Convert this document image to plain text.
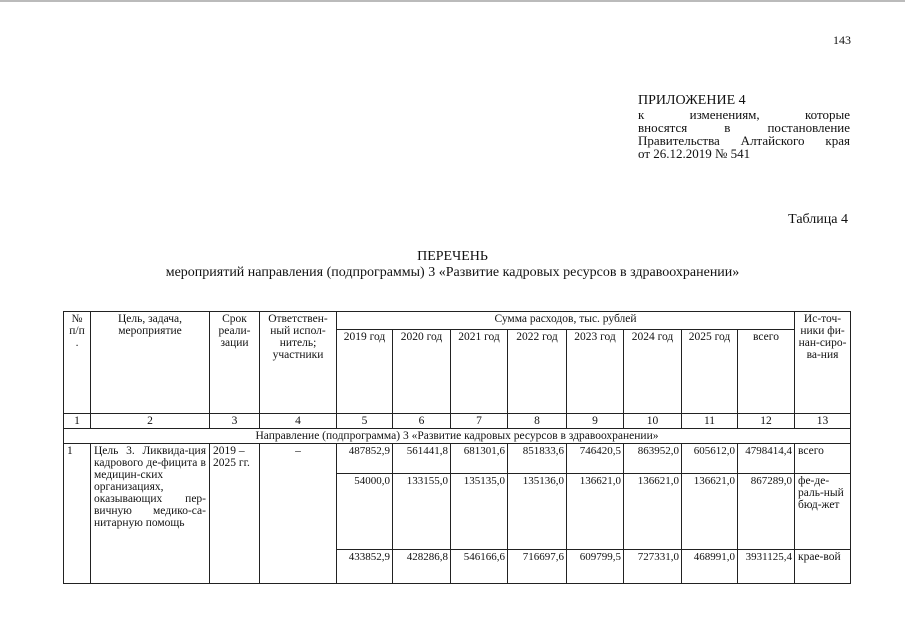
143
ПРИЛОЖЕНИЕ 4
к изменениям, которые
вносятся в постановление
Правительства Алтайского края
от 26.12.2019 № 541
Таблица 4
ПЕРЕЧЕНЬ
мероприятий направления (подпрограммы) 3 «Развитие кадровых ресурсов в здравоохранении»
№ п/п .	Цель, задача, мероприятие	Срок реали-зации	Ответствен-ный испол-нитель; участники	Сумма расходов, тыс. рублей								Ис-точ-ники фи-нан-сиро-ва-ния
				2019 год	2020 год	2021 год	2022 год	2023 год	2024 год	2025 год	всего	
1	2	3	4	5	6	7	8	9	10	11	12	13
Направление (подпрограмма) 3 «Развитие кадровых ресурсов в здравоохранении»												
1	Цель 3. Ликвида-ция кадрового де-фицита в медицин-ских организациях, оказывающих пер-вичную медико-са-нитарную помощь	2019 – 2025 гг.	–	487852,9	561441,8	681301,6	851833,6	746420,5	863952,0	605612,0	4798414,4	всего
				54000,0	133155,0	135135,0	135136,0	136621,0	136621,0	136621,0	867289,0	фе-де-раль-ный бюд-жет
				433852,9	428286,8	546166,6	716697,6	609799,5	727331,0	468991,0	3931125,4	крае-вой
